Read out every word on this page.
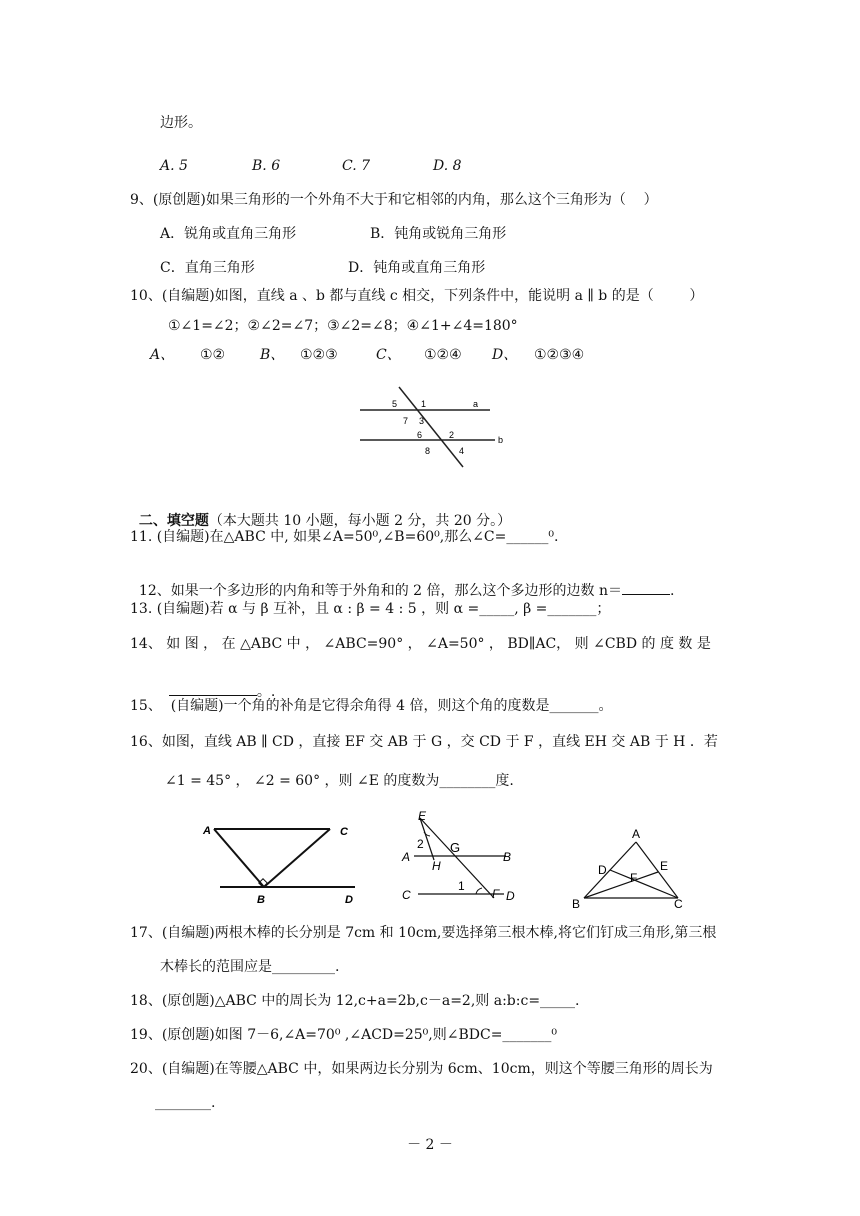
边形。
A. 5	B. 6	C. 7	D. 8
9、(原创题)如果三角形的一个外角不大于和它相邻的内角，那么这个三角形为（    ）
A．锐角或直角三角形	B．钝角或锐角三角形
C．直角三角形	D．钝角或直角三角形
10、(自编题)如图，直线 a 、b 都与直线 c 相交，下列条件中，能说明 a ∥ b 的是（        ）
①∠1=∠2；②∠2=∠7；③∠2=∠8；④∠1+∠4=180°
A、 ①② B、 ①②③	C、 ①②④ D、 ①②③④
5	1	a
7 3
6	2	b
8	4

二、填空题（本大题共 10 小题，每小题 2 分，共 20 分。）

11. (自编题)在△ABC 中, 如果∠A=50⁰,∠B=60⁰,那么∠C=______⁰.

12、如果一个多边形的内角和等于外角和的 2 倍，那么这个多边形的边数 n＝	.

13. (自编题)若 α 与 β 互补，且 α : β = 4 : 5 ，则 α =_____, β =_______；
14、 如 图 ， 在 △ABC 中 ， ∠ABC=90° ， ∠A=50° ， BD∥AC， 则 ∠CBD 的 度 数 是

。.

15、  (自编题)一个角的补角是它得余角得 4 倍，则这个角的度数是_______。
16、如图，直线 AB ∥ CD ，直接 EF 交 AB 于 G ，交 CD 于 F ，直线 EH 交 AB 于 H ．若
∠1 = 45° ， ∠2 = 60° ，则 ∠E 的度数为________度.
A	C
B	D
E
2 G
A	B
H
C
1
F D
A
D	E
F
B	C
17、(自编题)两根木棒的长分别是 7cm 和 10cm,要选择第三根木棒,将它们钉成三角形,第三根
木棒长的范围应是_________.
18、(原创题)△ABC 中的周长为 12,c+a=2b,c－a=2,则 a:b:c=_____.
19、(原创题)如图 7－6,∠A=70⁰ ,∠ACD=25⁰,则∠BDC=_______⁰
20、(自编题)在等腰△ABC 中，如果两边长分别为 6cm、10cm，则这个等腰三角形的周长为
________.
－ 2 －
